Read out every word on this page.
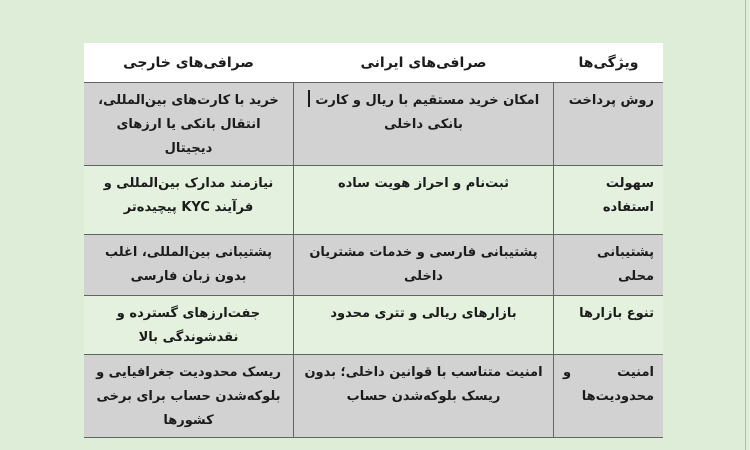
ویژگی‌ها
صرافی‌های ایرانی
صرافی‌های خارجی
روش پرداخت
امکان خرید مستقیم با ریال و کارت بانکی داخلی
خرید با کارت‌های بین‌المللی، انتقال بانکی یا ارزهای دیجیتال
سهولت استفاده
ثبت‌نام و احراز هویت ساده
نیازمند مدارک بین‌المللی و فرآیند KYC پیچیده‌تر
پشتیبانی محلی
پشتیبانی فارسی و خدمات مشتریان داخلی
پشتیبانی بین‌المللی، اغلب بدون زبان فارسی
تنوع بازارها
بازارهای ریالی و تتری محدود
جفت‌ارزهای گسترده و نقدشوندگی بالا
امنیت و محدودیت‌ها
امنیت متناسب با قوانین داخلی؛ بدون ریسک بلوکه‌شدن حساب
ریسک محدودیت جغرافیایی و بلوکه‌شدن حساب برای برخی کشورها
